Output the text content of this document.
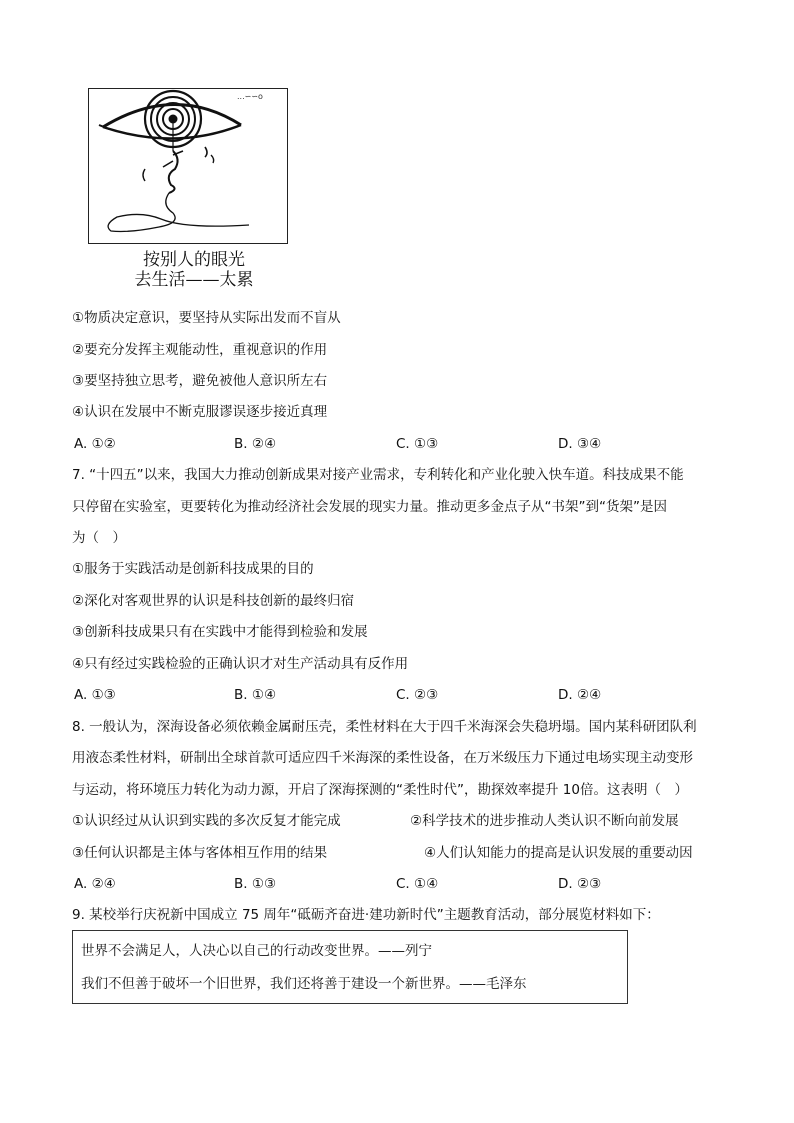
...∽∽o
按别人的眼光
去生活——太累
①物质决定意识，要坚持从实际出发而不盲从
②要充分发挥主观能动性，重视意识的作用
③要坚持独立思考，避免被他人意识所左右
④认识在发展中不断克服谬误逐步接近真理
A. ①②	B. ②④	C. ①③	D. ③④
7. “十四五”以来，我国大力推动创新成果对接产业需求，专利转化和产业化驶入快车道。科技成果不能
只停留在实验室，更要转化为推动经济社会发展的现实力量。推动更多金点子从“书架”到“货架”是因
为（　）
①服务于实践活动是创新科技成果的目的
②深化对客观世界的认识是科技创新的最终归宿
③创新科技成果只有在实践中才能得到检验和发展
④只有经过实践检验的正确认识才对生产活动具有反作用
A. ①③	B. ①④	C. ②③	D. ②④
8. 一般认为，深海设备必须依赖金属耐压壳，柔性材料在大于四千米海深会失稳坍塌。国内某科研团队利
用液态柔性材料，研制出全球首款可适应四千米海深的柔性设备，在万米级压力下通过电场实现主动变形
与运动，将环境压力转化为动力源，开启了深海探测的“柔性时代”，勘探效率提升 10倍。这表明（　）
①认识经过从认识到实践的多次反复才能完成	②科学技术的进步推动人类认识不断向前发展
③任何认识都是主体与客体相互作用的结果	④人们认知能力的提高是认识发展的重要动因
A. ②④	B. ①③	C. ①④	D. ②③
9. 某校举行庆祝新中国成立 75 周年“砥砺齐奋进·建功新时代”主题教育活动，部分展览材料如下：
世界不会满足人，人决心以自己的行动改变世界。——列宁
我们不但善于破坏一个旧世界，我们还将善于建设一个新世界。——毛泽东
